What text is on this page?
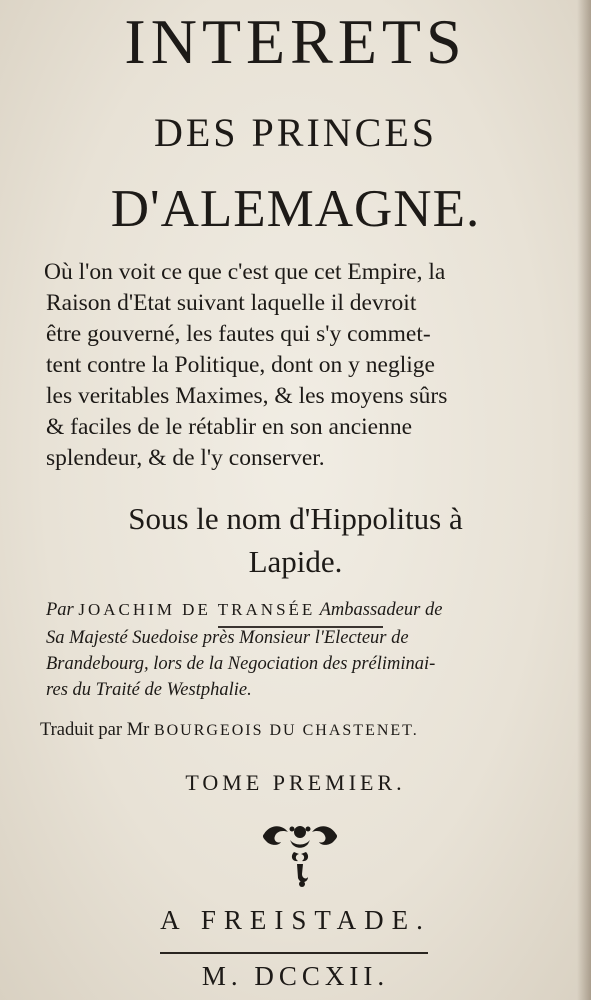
INTERETS
DES PRINCES
D'ALEMAGNE.
Où l'on voit ce que c'est que cet Empire, la
Raison d'Etat suivant laquelle il devroit
être gouverné, les fautes qui s'y commet-
tent contre la Politique, dont on y neglige
les veritables Maximes, & les moyens sûrs
& faciles de le rétablir en son ancienne
splendeur, & de l'y conserver.
Sous le nom d'Hippolitus à
Lapide.
Par JOACHIM DE TRANSÉE Ambassadeur de
Sa Majesté Suedoise près Monsieur l'Electeur de
Brandebourg, lors de la Negociation des préliminai-
res du Traité de Westphalie.
Traduit par Mr BOURGEOIS DU CHASTENET.
TOME PREMIER.
A FREISTADE.
M. DCCXII.
